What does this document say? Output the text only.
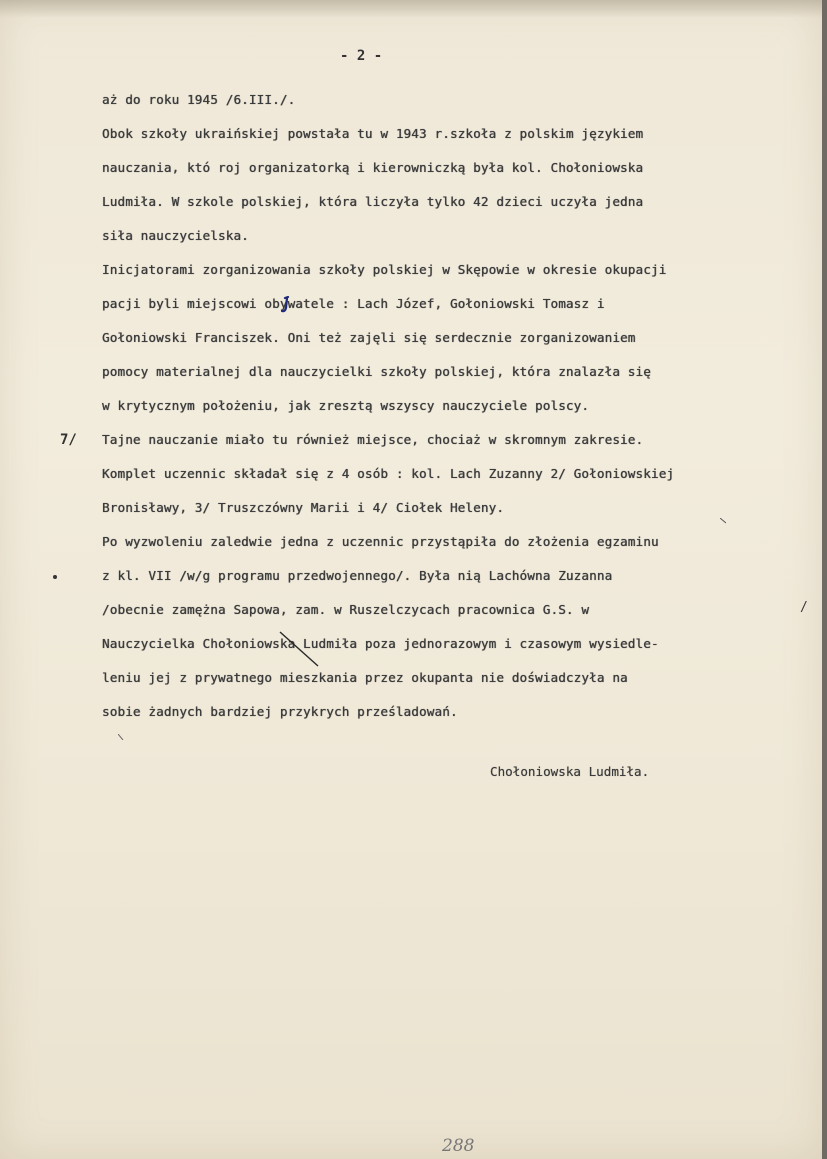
- 2 -
7/
aż do roku 1945 /6.III./.
Obok szkoły ukraińskiej powstała tu w 1943 r.szkoła z polskim językiem
nauczania, któ roj organizatorką i kierowniczką była kol. Chołoniowska
Ludmiła. W szkole polskiej, która liczyła tylko 42 dzieci uczyła jedna
siła nauczycielska.
Inicjatorami zorganizowania szkoły polskiej w Skępowie w okresie okupacji
pacji byli miejscowi obywatele : Lach Józef, Gołoniowski Tomasz i
Gołoniowski Franciszek. Oni też zajęli się serdecznie zorganizowaniem
pomocy materialnej dla nauczycielki szkoły polskiej, która znalazła się
w krytycznym położeniu, jak zresztą wszyscy nauczyciele polscy.
Tajne nauczanie miało tu również miejsce, chociaż w skromnym zakresie.
Komplet uczennic składał się z 4 osób : kol. Lach Zuzanny 2/ Gołoniowskiej
Bronisławy, 3/ Truszczówny Marii i 4/ Ciołek Heleny.
Po wyzwoleniu zaledwie jedna z uczennic przystąpiła do złożenia egzaminu
z kl. VII /w/g programu przedwojennego/. Była nią Lachówna Zuzanna
/obecnie zamężna Sapowa, zam. w Ruszelczycach pracownica G.S. w
Nauczycielka Chołoniowska Ludmiła poza jednorazowym i czasowym wysiedle-
leniu jej z prywatnego mieszkania przez okupanta nie doświadczyła na
sobie żadnych bardziej przykrych prześladowań.
/
Chołoniowska Ludmiła.
288
